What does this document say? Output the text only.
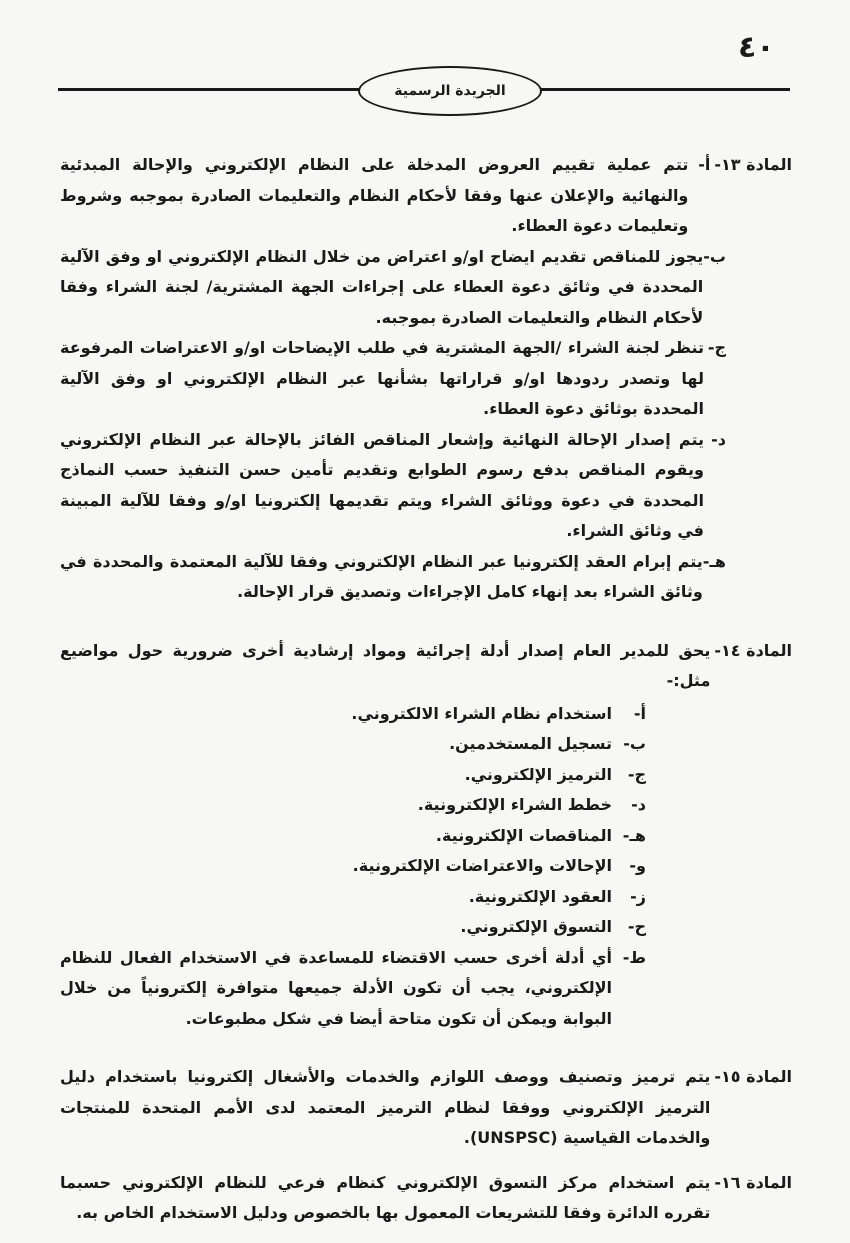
٤٠
الجريدة الرسمية
المادة ١٣-
أ-
تتم عملية تقييم العروض المدخلة على النظام الإلكتروني والإحالة المبدئية والنهائية والإعلان عنها وفقا لأحكام النظام والتعليمات الصادرة بموجبه وشروط وتعليمات دعوة العطاء.
ب-
يجوز للمناقص تقديم ايضاح او/و اعتراض من خلال النظام الإلكتروني او وفق الآلية المحددة في وثائق دعوة العطاء على إجراءات الجهة المشترية/ لجنة الشراء وفقا لأحكام النظام والتعليمات الصادرة بموجبه.
ج-
تنظر لجنة الشراء /الجهة المشترية في طلب الإيضاحات او/و الاعتراضات المرفوعة لها وتصدر ردودها او/و قراراتها بشأنها عبر النظام الإلكتروني او وفق الآلية المحددة بوثائق دعوة العطاء.
د-
يتم إصدار الإحالة النهائية وإشعار المناقص الفائز بالإحالة عبر النظام الإلكتروني ويقوم المناقص بدفع رسوم الطوابع وتقديم تأمين حسن التنفيذ حسب النماذج المحددة في دعوة ووثائق الشراء ويتم تقديمها إلكترونيا او/و وفقا للآلية المبينة في وثائق الشراء.
هـ-
يتم إبرام العقد إلكترونيا عبر النظام الإلكتروني وفقا للآلية المعتمدة والمحددة في وثائق الشراء بعد إنهاء كامل الإجراءات وتصديق قرار الإحالة.
المادة ١٤-
يحق للمدير العام إصدار أدلة إجرائية ومواد إرشادية أخرى ضرورية حول مواضيع مثل:-
أ-
استخدام نظام الشراء الالكتروني.
ب-
تسجيل المستخدمين.
ج-
الترميز الإلكتروني.
د-
خطط الشراء الإلكترونية.
هـ-
المناقصات الإلكترونية.
و-
الإحالات والاعتراضات الإلكترونية.
ز-
العقود الإلكترونية.
ح-
التسوق الإلكتروني.
ط-
أي أدلة أخرى حسب الاقتضاء للمساعدة في الاستخدام الفعال للنظام الإلكتروني، يجب أن تكون الأدلة جميعها متوافرة إلكترونياً من خلال البوابة ويمكن أن تكون متاحة أيضا في شكل مطبوعات.
المادة ١٥-
يتم ترميز وتصنيف ووصف اللوازم والخدمات والأشغال إلكترونيا باستخدام دليل الترميز الإلكتروني ووفقا لنظام الترميز المعتمد لدى الأمم المتحدة للمنتجات والخدمات القياسية (UNSPSC).
المادة ١٦-
يتم استخدام مركز التسوق الإلكتروني كنظام فرعي للنظام الإلكتروني حسبما تقرره الدائرة وفقا للتشريعات المعمول بها بالخصوص ودليل الاستخدام الخاص به.
